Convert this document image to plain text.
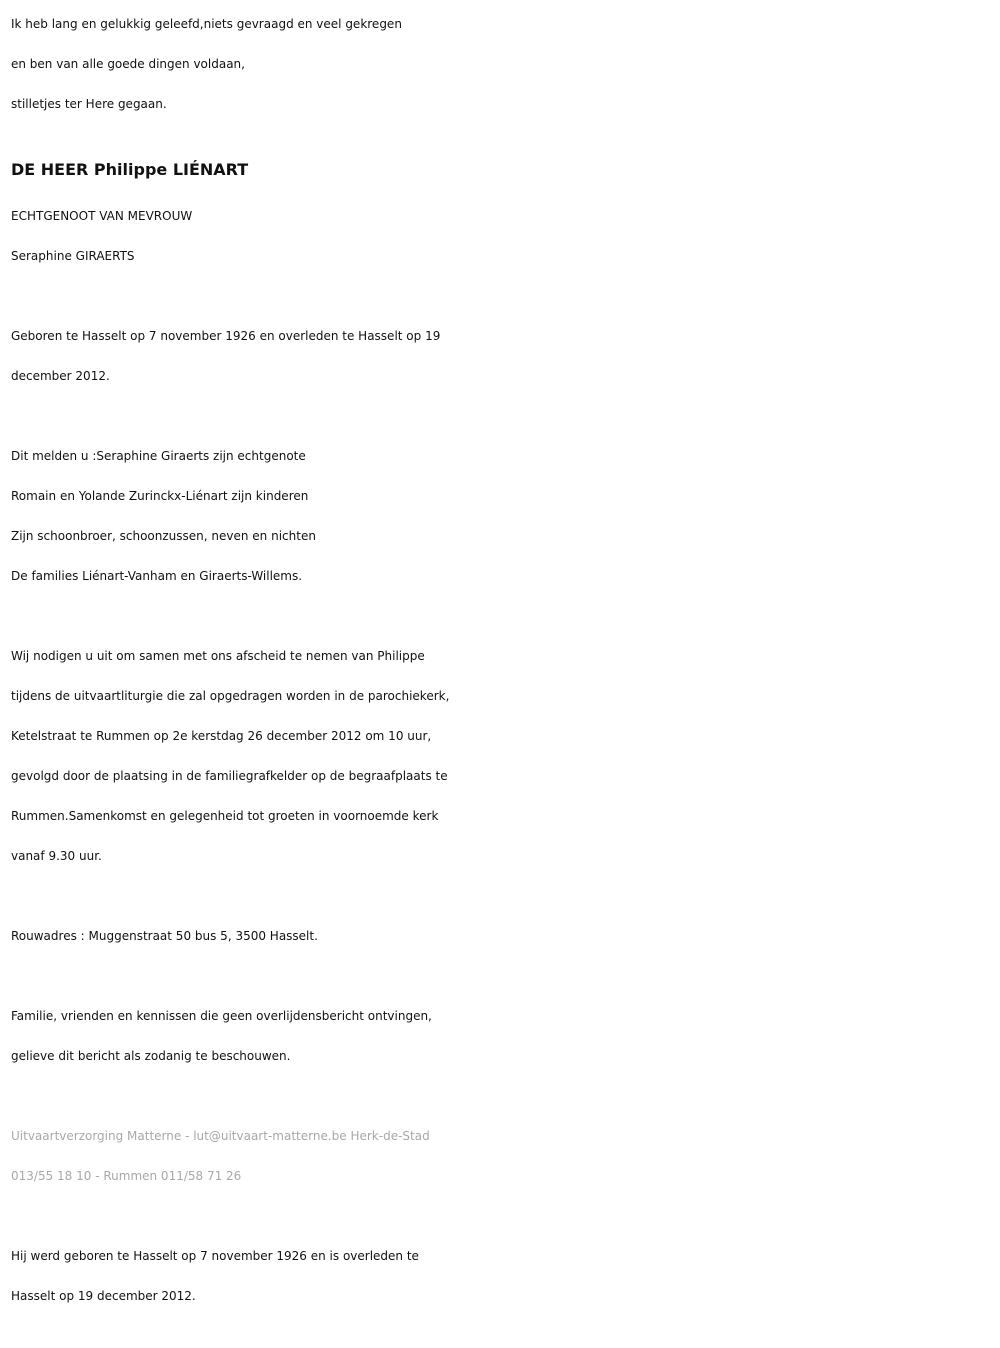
Ik heb lang en gelukkig geleefd,niets gevraagd en veel gekregen
en ben van alle goede dingen voldaan,
stilletjes ter Here gegaan.
DE HEER Philippe LIÉNART
ECHTGENOOT VAN MEVROUW
Seraphine GIRAERTS
Geboren te Hasselt op 7 november 1926 en overleden te Hasselt op 19
december 2012.
Dit melden u :Seraphine Giraerts zijn echtgenote
Romain en Yolande Zurinckx-Liénart zijn kinderen
Zijn schoonbroer, schoonzussen, neven en nichten
De families Liénart-Vanham en Giraerts-Willems.
Wij nodigen u uit om samen met ons afscheid te nemen van Philippe
tijdens de uitvaartliturgie die zal opgedragen worden in de parochiekerk,
Ketelstraat te Rummen op 2e kerstdag 26 december 2012 om 10 uur,
gevolgd door de plaatsing in de familiegrafkelder op de begraafplaats te
Rummen.Samenkomst en gelegenheid tot groeten in voornoemde kerk
vanaf 9.30 uur.
Rouwadres : Muggenstraat 50 bus 5, 3500 Hasselt.
Familie, vrienden en kennissen die geen overlijdensbericht ontvingen,
gelieve dit bericht als zodanig te beschouwen.
Uitvaartverzorging Matterne - lut@uitvaart-matterne.be Herk-de-Stad
013/55 18 10 - Rummen 011/58 71 26
Hij werd geboren te Hasselt op 7 november 1926 en is overleden te
Hasselt op 19 december 2012.
